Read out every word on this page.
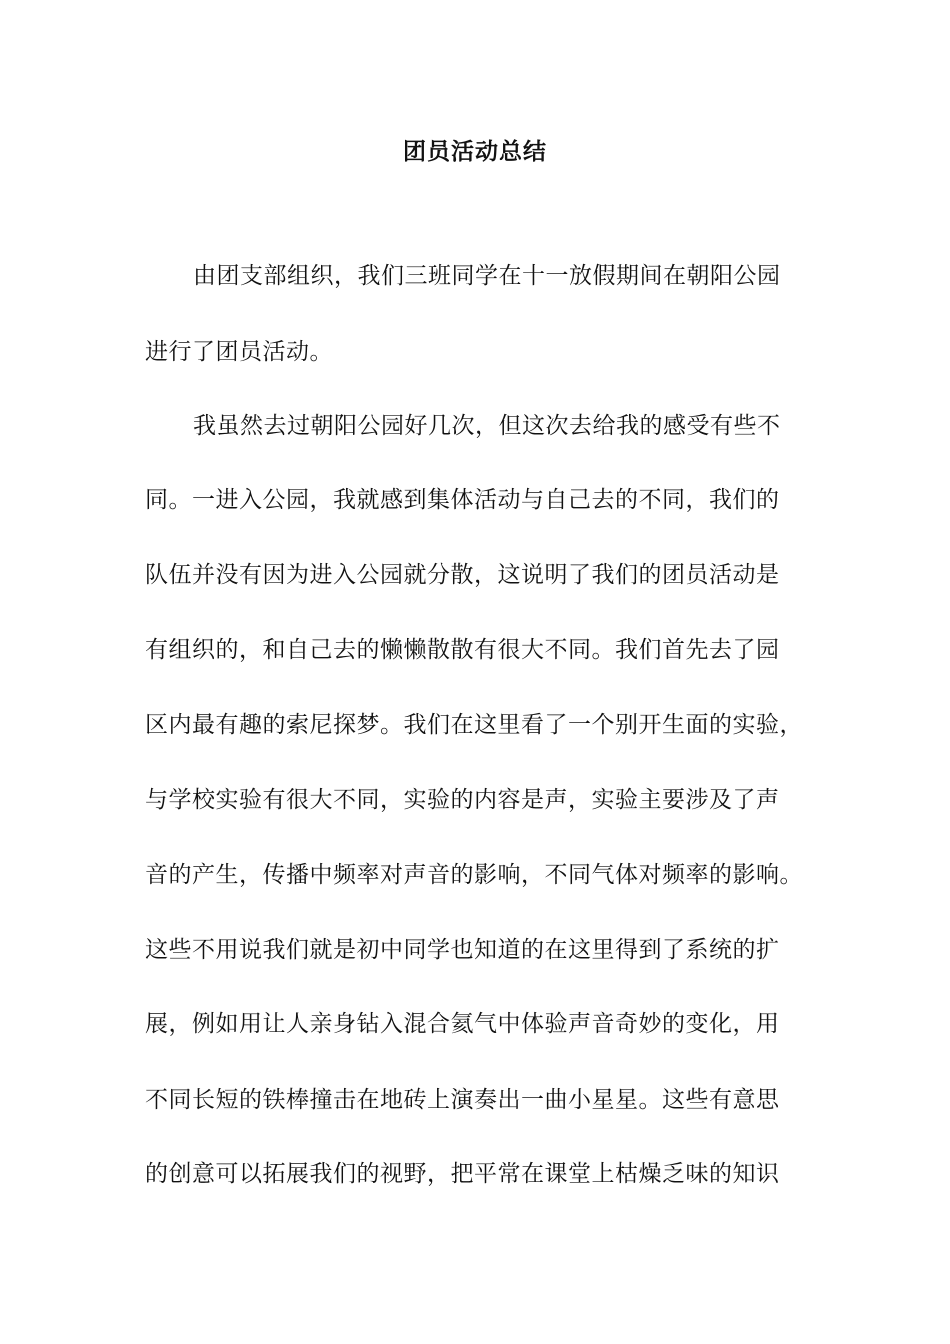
团员活动总结

由团支部组织，我们三班同学在十一放假期间在朝阳公园

进行了团员活动。

我虽然去过朝阳公园好几次，但这次去给我的感受有些不

同。一进入公园，我就感到集体活动与自己去的不同，我们的

队伍并没有因为进入公园就分散，这说明了我们的团员活动是

有组织的，和自己去的懒懒散散有很大不同。我们首先去了园

区内最有趣的索尼探梦。我们在这里看了一个别开生面的实验，

与学校实验有很大不同，实验的内容是声，实验主要涉及了声

音的产生，传播中频率对声音的影响，不同气体对频率的影响。

这些不用说我们就是初中同学也知道的在这里得到了系统的扩

展，例如用让人亲身钻入混合氦气中体验声音奇妙的变化，用

不同长短的铁棒撞击在地砖上演奏出一曲小星星。这些有意思

的创意可以拓展我们的视野，把平常在课堂上枯燥乏味的知识
